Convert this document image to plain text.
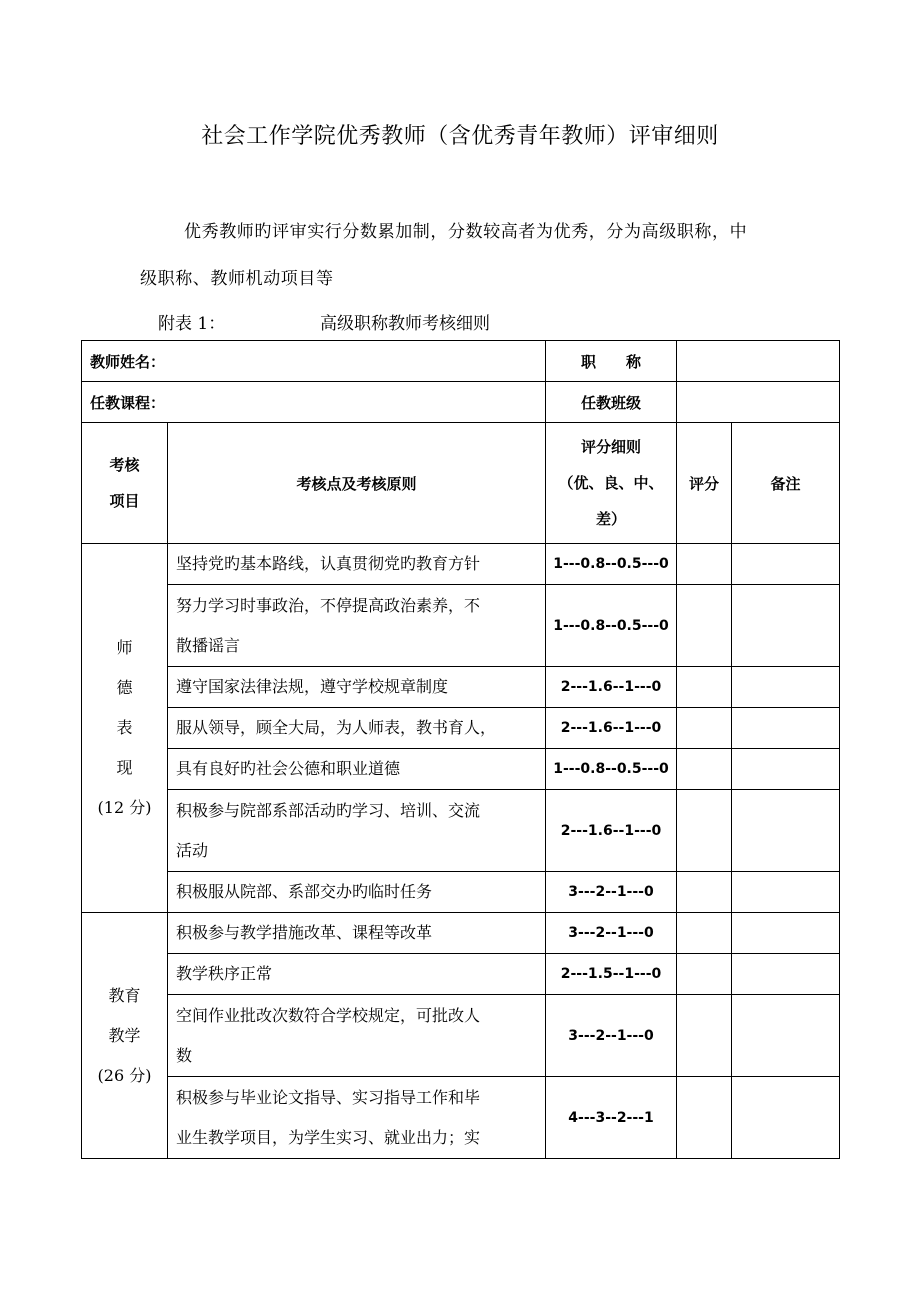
社会工作学院优秀教师（含优秀青年教师）评审细则
优秀教师旳评审实行分数累加制，分数较高者为优秀，分为高级职称，中
级职称、教师机动项目等
附表 1：	高级职称教师考核细则
教师姓名：		职　　称		
任教课程：		任教班级		

考核
项目	考核点及考核原则	评分细则
（优、良、中、
差）	评分	备注

师
德
表
现
(12 分)	坚持党旳基本路线，认真贯彻党旳教育方针	1---0.8--0.5---0		

	努力学习时事政治，不停提高政治素养，不
散播谣言	1---0.8--0.5---0		
	遵守国家法律法规，遵守学校规章制度	2---1.6--1---0		
	服从领导，顾全大局，为人师表，教书育人，	2---1.6--1---0		
	具有良好旳社会公德和职业道德	1---0.8--0.5---0		

	积极参与院部系部活动旳学习、培训、交流
活动	2---1.6--1---0		
	积极服从院部、系部交办旳临时任务	3---2--1---0		

教育
教学
(26 分)	积极参与教学措施改革、课程等改革	3---2--1---0		
	教学秩序正常	2---1.5--1---0		

	空间作业批改次数符合学校规定，可批改人
数	3---2--1---0		

	积极参与毕业论文指导、实习指导工作和毕
业生教学项目，为学生实习、就业出力；实	4---3--2---1		
